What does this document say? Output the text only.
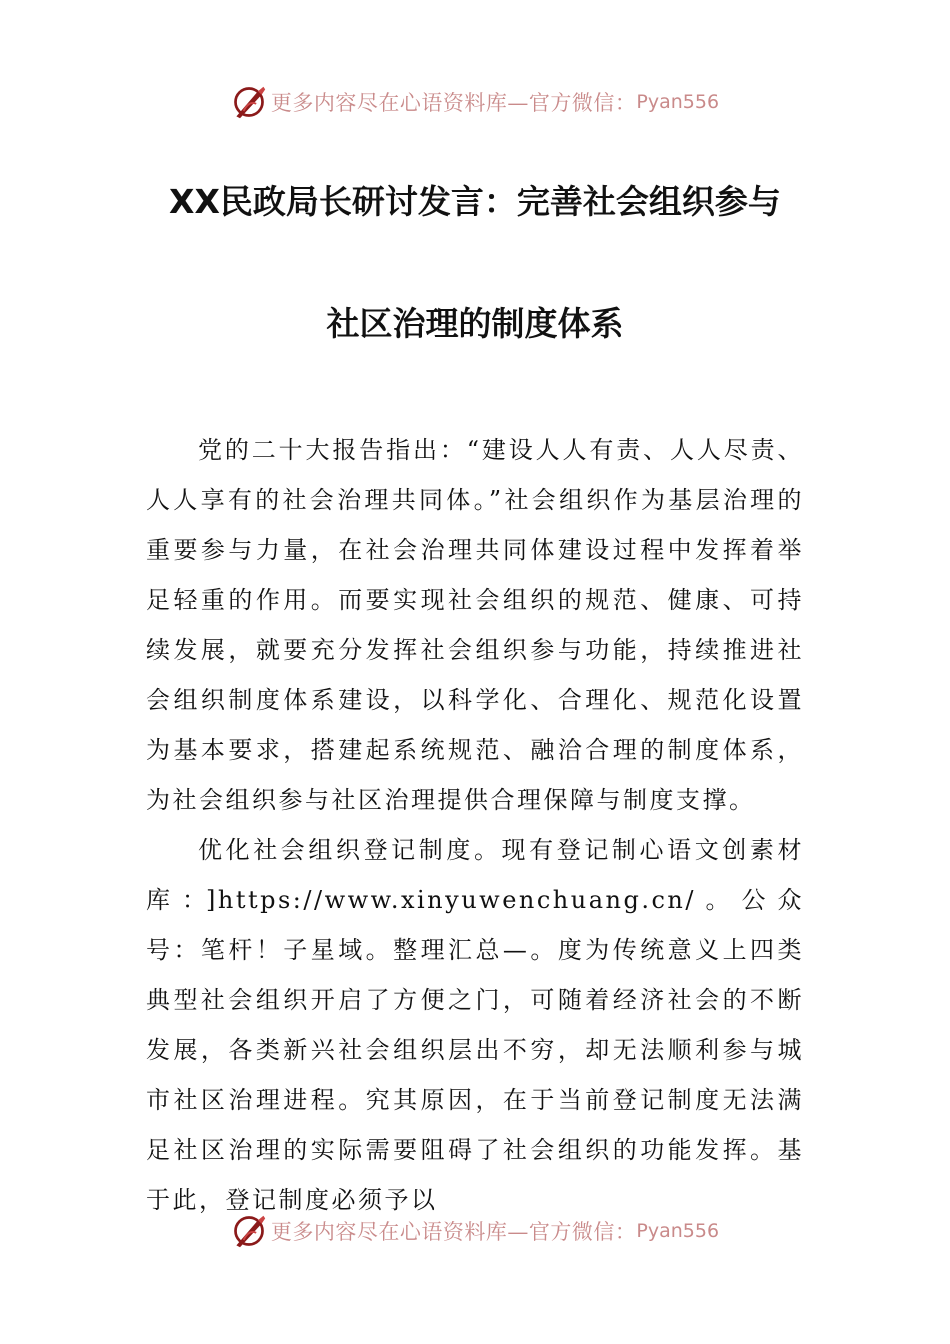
更多内容尽在心语资料库—官方微信： Pyan556
XX民政局长研讨发言：完善社会组织参与
社区治理的制度体系

党的二十大报告指出：“建设人人有责、人人尽责、人人享有的社会治理共同体。”社会组织作为基层治理的重要参与力量，在社会治理共同体建设过程中发挥着举足轻重的作用。而要实现社会组织的规范、健康、可持续发展，就要充分发挥社会组织参与功能，持续推进社会组织制度体系建设，以科学化、合理化、规范化设置为基本要求，搭建起系统规范、融洽合理的制度体系，为社会组织参与社区治理提供合理保障与制度支撑。

优化社会组织登记制度。现有登记制心语文创素材库：]https://www.xinyuwenchuang.cn/。公众号：笔杆！子星域。整理汇总—。度为传统意义上四类典型社会组织开启了方便之门，可随着经济社会的不断发展，各类新兴社会组织层出不穷，却无法顺利参与城市社区治理进程。究其原因，在于当前登记制度无法满足社区治理的实际需要阻碍了社会组织的功能发挥。基于此，登记制度必须予以

更多内容尽在心语资料库—官方微信： Pyan556
